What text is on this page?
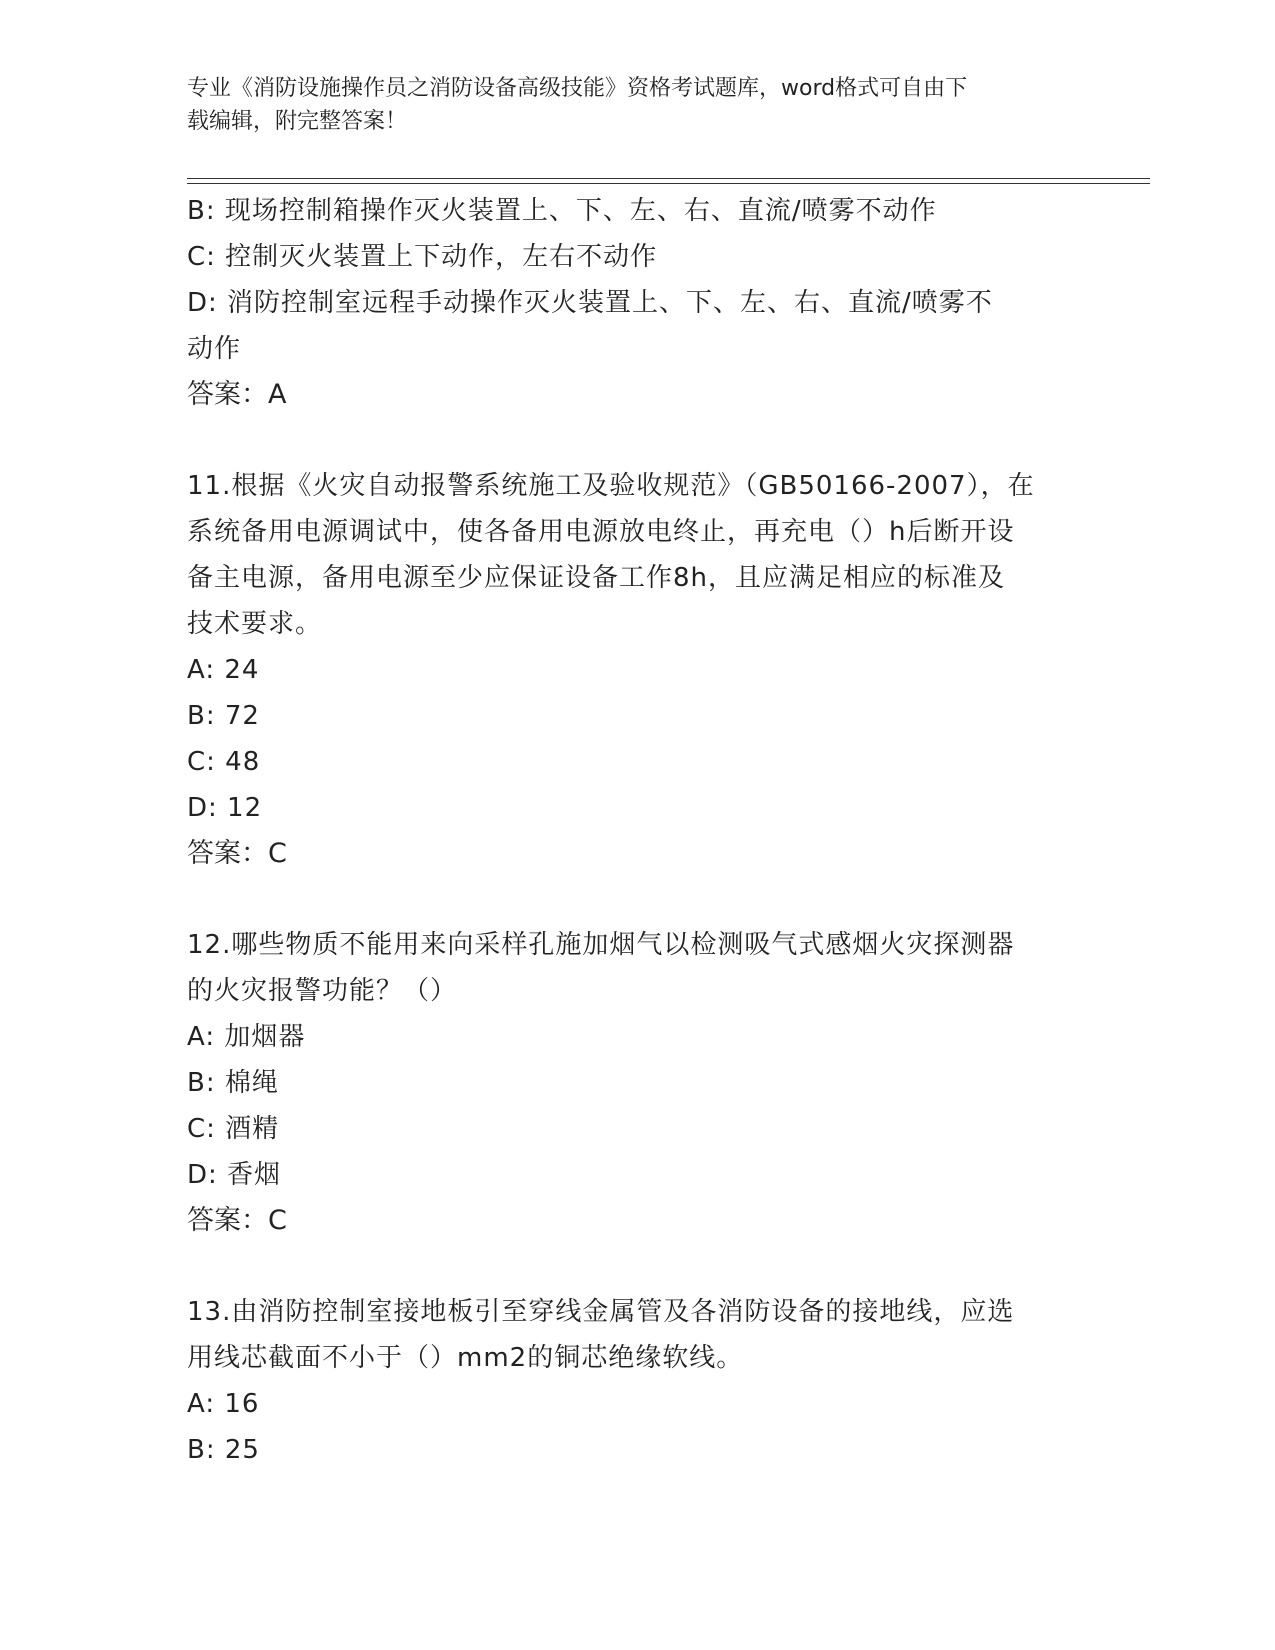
专业《消防设施操作员之消防设备高级技能》资格考试题库，word格式可自由下
载编辑，附完整答案！

B: 现场控制箱操作灭火装置上、下、左、右、直流/喷雾不动作

C: 控制灭火装置上下动作，左右不动作

D: 消防控制室远程手动操作灭火装置上、下、左、右、直流/喷雾不

动作

答案：A

11.根据《火灾自动报警系统施工及验收规范》（GB50166-2007），在

系统备用电源调试中，使各备用电源放电终止，再充电（）h后断开设

备主电源，备用电源至少应保证设备工作8h，且应满足相应的标准及

技术要求。

A: 24

B: 72

C: 48

D: 12

答案：C

12.哪些物质不能用来向采样孔施加烟气以检测吸气式感烟火灾探测器

的火灾报警功能？（）

A: 加烟器

B: 棉绳

C: 酒精

D: 香烟

答案：C

13.由消防控制室接地板引至穿线金属管及各消防设备的接地线，应选

用线芯截面不小于（）mm2的铜芯绝缘软线。

A: 16

B: 25
